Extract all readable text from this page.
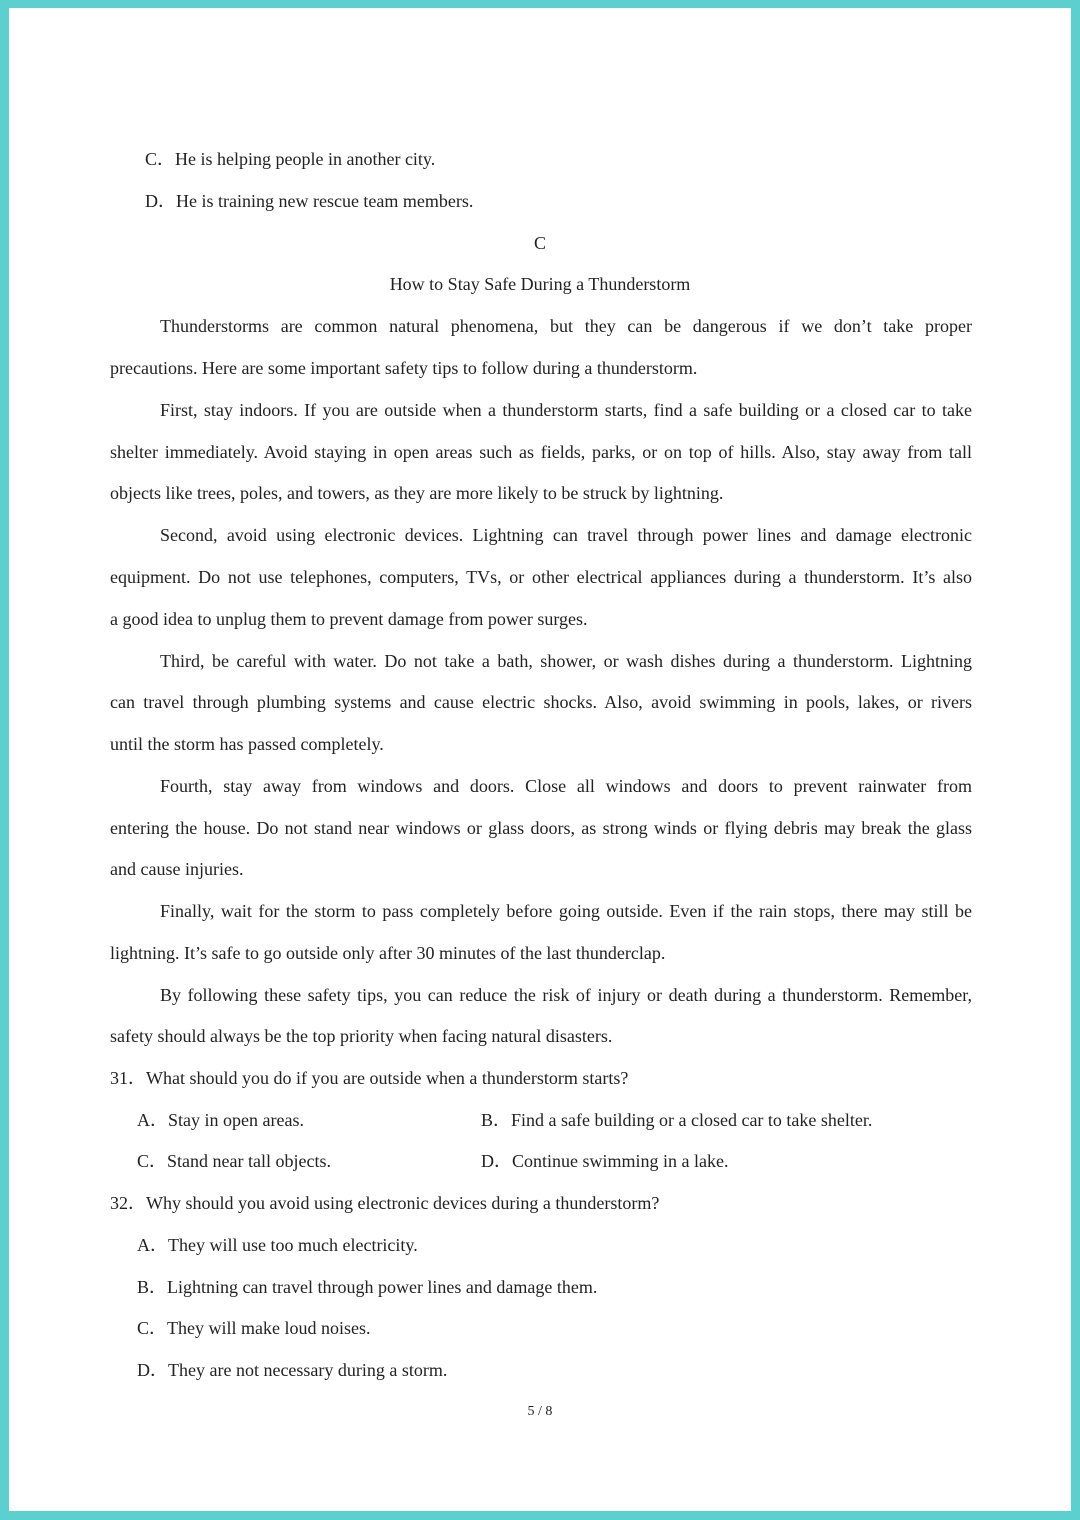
C．He is helping people in another city.
D．He is training new rescue team members.
C
How to Stay Safe During a Thunderstorm
Thunderstorms are common natural phenomena, but they can be dangerous if we don’t take proper
precautions. Here are some important safety tips to follow during a thunderstorm.
First, stay indoors. If you are outside when a thunderstorm starts, find a safe building or a closed car to take
shelter immediately. Avoid staying in open areas such as fields, parks, or on top of hills. Also, stay away from tall
objects like trees, poles, and towers, as they are more likely to be struck by lightning.
Second, avoid using electronic devices. Lightning can travel through power lines and damage electronic
equipment. Do not use telephones, computers, TVs, or other electrical appliances during a thunderstorm. It’s also
a good idea to unplug them to prevent damage from power surges.
Third, be careful with water. Do not take a bath, shower, or wash dishes during a thunderstorm. Lightning
can travel through plumbing systems and cause electric shocks. Also, avoid swimming in pools, lakes, or rivers
until the storm has passed completely.
Fourth, stay away from windows and doors. Close all windows and doors to prevent rainwater from
entering the house. Do not stand near windows or glass doors, as strong winds or flying debris may break the glass
and cause injuries.
Finally, wait for the storm to pass completely before going outside. Even if the rain stops, there may still be
lightning. It’s safe to go outside only after 30 minutes of the last thunderclap.
By following these safety tips, you can reduce the risk of injury or death during a thunderstorm. Remember,
safety should always be the top priority when facing natural disasters.
31．What should you do if you are outside when a thunderstorm starts?
A．Stay in open areas.	B．Find a safe building or a closed car to take shelter.
C．Stand near tall objects.	D．Continue swimming in a lake.
32．Why should you avoid using electronic devices during a thunderstorm?
A．They will use too much electricity.
B．Lightning can travel through power lines and damage them.
C．They will make loud noises.
D．They are not necessary during a storm.
5 / 8
